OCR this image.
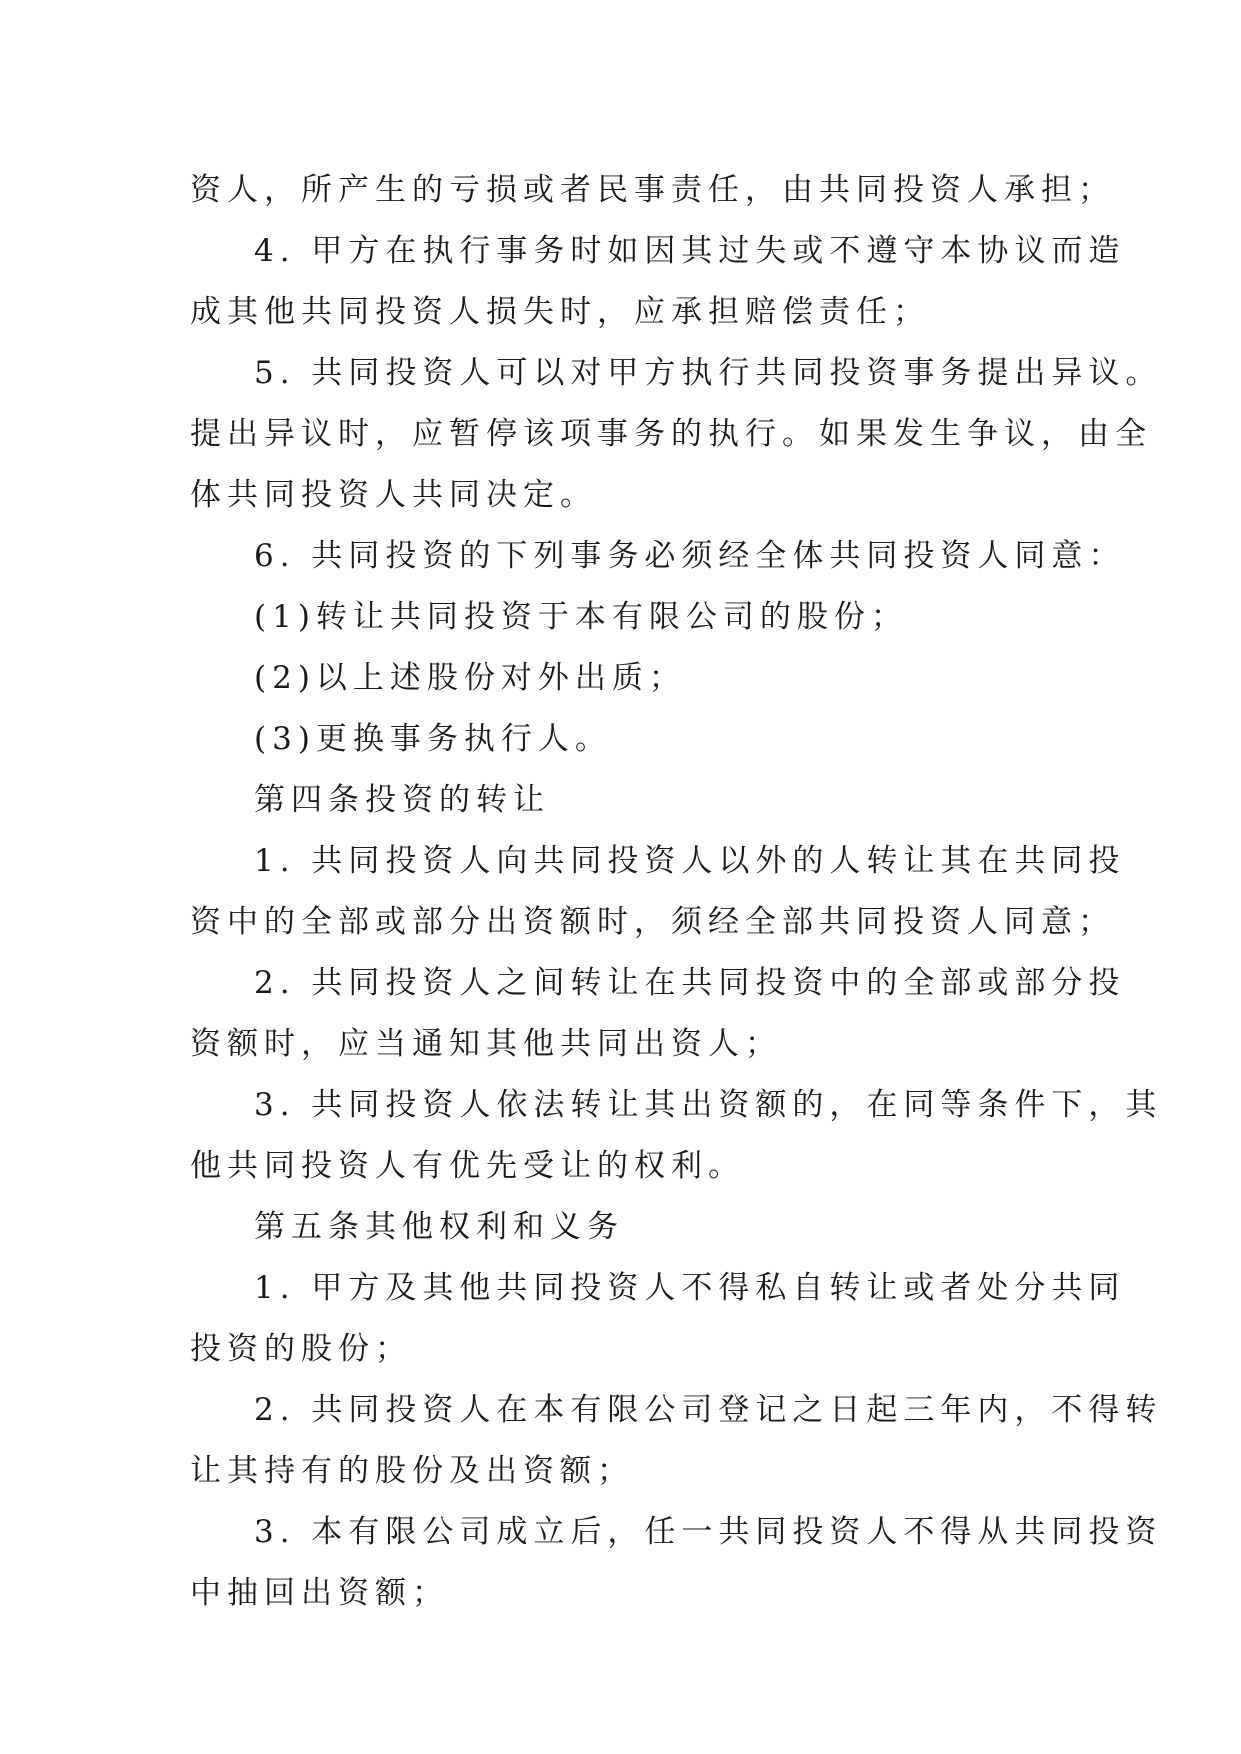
资人，所产生的亏损或者民事责任，由共同投资人承担；
4. 甲方在执行事务时如因其过失或不遵守本协议而造
成其他共同投资人损失时，应承担赔偿责任；
5. 共同投资人可以对甲方执行共同投资事务提出异议。
提出异议时，应暂停该项事务的执行。如果发生争议，由全
体共同投资人共同决定。
6. 共同投资的下列事务必须经全体共同投资人同意：
(1)转让共同投资于本有限公司的股份；
(2)以上述股份对外出质；
(3)更换事务执行人。
第四条投资的转让
1. 共同投资人向共同投资人以外的人转让其在共同投
资中的全部或部分出资额时，须经全部共同投资人同意；
2. 共同投资人之间转让在共同投资中的全部或部分投
资额时，应当通知其他共同出资人；
3. 共同投资人依法转让其出资额的，在同等条件下，其
他共同投资人有优先受让的权利。
第五条其他权利和义务
1. 甲方及其他共同投资人不得私自转让或者处分共同
投资的股份；
2. 共同投资人在本有限公司登记之日起三年内，不得转
让其持有的股份及出资额；
3. 本有限公司成立后，任一共同投资人不得从共同投资
中抽回出资额；
